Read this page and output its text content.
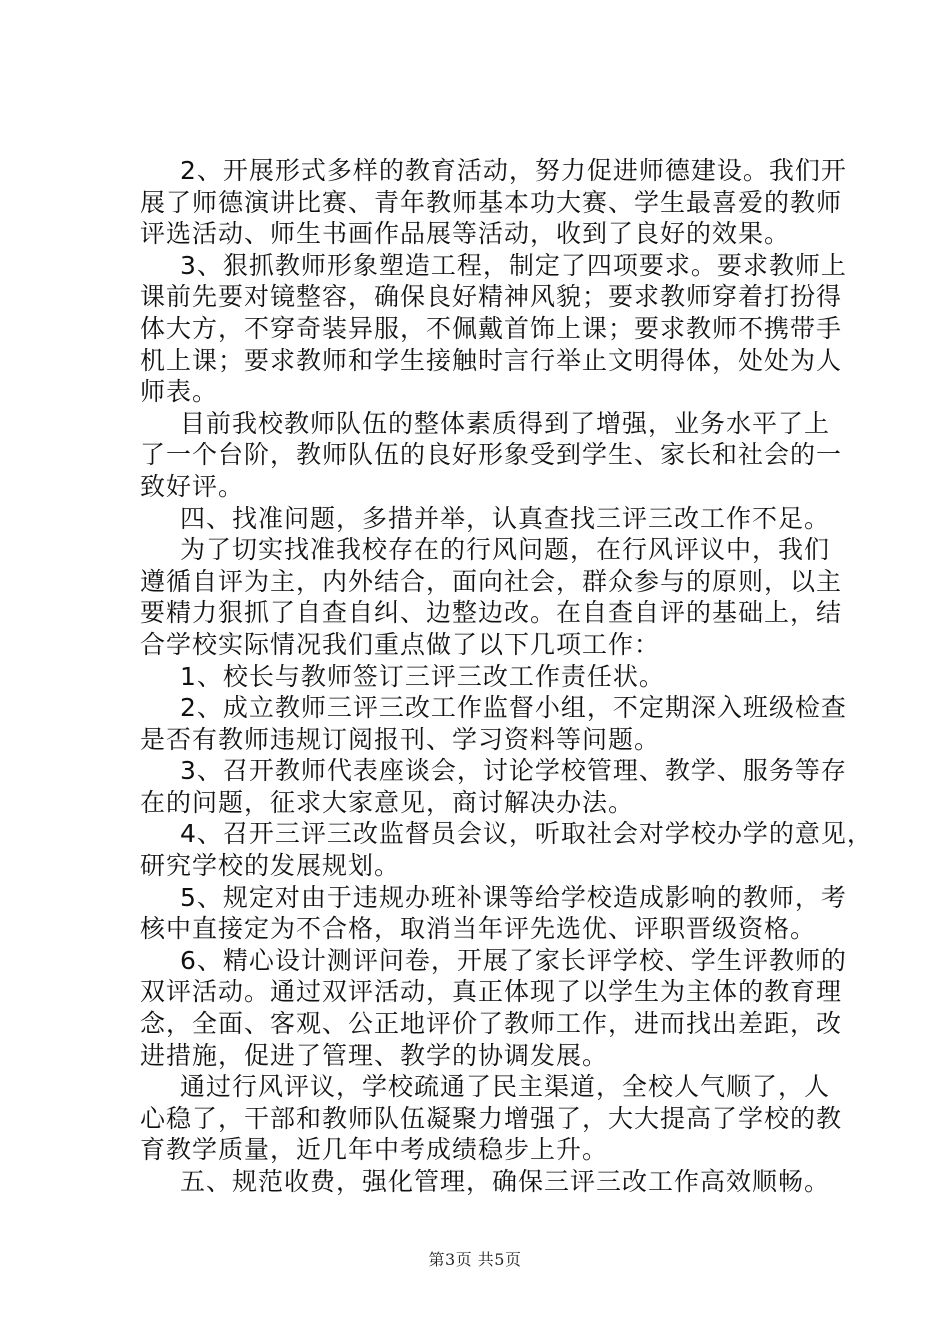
2、开展形式多样的教育活动，努力促进师德建设。我们开
展了师德演讲比赛、青年教师基本功大赛、学生最喜爱的教师
评选活动、师生书画作品展等活动，收到了良好的效果。
3、狠抓教师形象塑造工程，制定了四项要求。要求教师上
课前先要对镜整容，确保良好精神风貌；要求教师穿着打扮得
体大方，不穿奇装异服，不佩戴首饰上课；要求教师不携带手
机上课；要求教师和学生接触时言行举止文明得体，处处为人
师表。
目前我校教师队伍的整体素质得到了增强，业务水平了上
了一个台阶，教师队伍的良好形象受到学生、家长和社会的一
致好评。
四、找准问题，多措并举，认真查找三评三改工作不足。
为了切实找准我校存在的行风问题，在行风评议中，我们
遵循自评为主，内外结合，面向社会，群众参与的原则，以主
要精力狠抓了自查自纠、边整边改。在自查自评的基础上，结
合学校实际情况我们重点做了以下几项工作：
1、校长与教师签订三评三改工作责任状。
2、成立教师三评三改工作监督小组，不定期深入班级检查
是否有教师违规订阅报刊、学习资料等问题。
3、召开教师代表座谈会，讨论学校管理、教学、服务等存
在的问题，征求大家意见，商讨解决办法。
4、召开三评三改监督员会议，听取社会对学校办学的意见，
研究学校的发展规划。
5、规定对由于违规办班补课等给学校造成影响的教师，考
核中直接定为不合格，取消当年评先选优、评职晋级资格。
6、精心设计测评问卷，开展了家长评学校、学生评教师的
双评活动。通过双评活动，真正体现了以学生为主体的教育理
念，全面、客观、公正地评价了教师工作，进而找出差距，改
进措施，促进了管理、教学的协调发展。
通过行风评议，学校疏通了民主渠道，全校人气顺了，人
心稳了，干部和教师队伍凝聚力增强了，大大提高了学校的教
育教学质量，近几年中考成绩稳步上升。
五、规范收费，强化管理，确保三评三改工作高效顺畅。
第3页 共5页
